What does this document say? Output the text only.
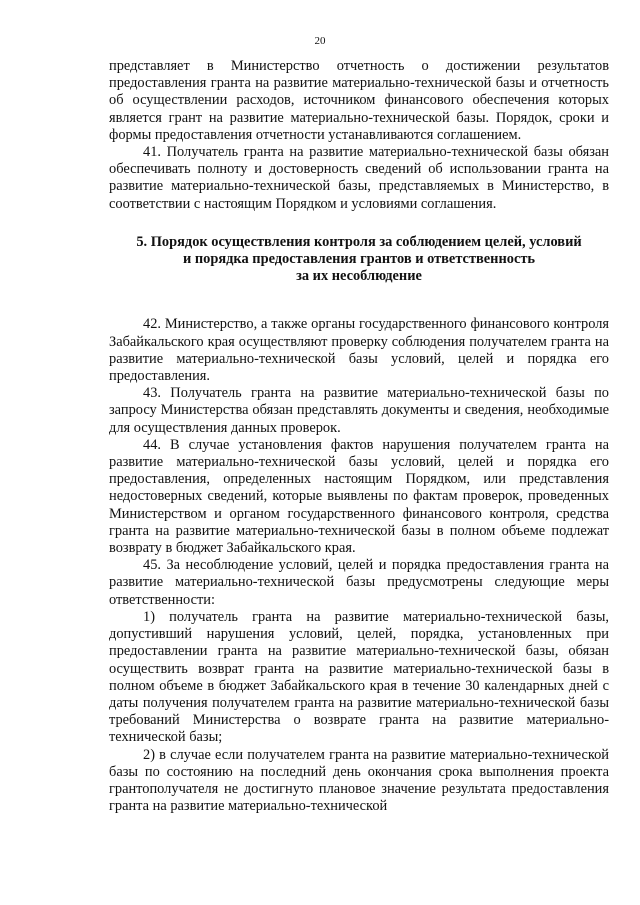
20

представляет в Министерство отчетность о достижении результатов предоставления гранта на развитие материально-технической базы и отчетность об осуществлении расходов, источником финансового обеспечения которых является грант на развитие материально-технической базы. Порядок, сроки и формы предоставления отчетности устанавливаются соглашением.

41. Получатель гранта на развитие материально-технической базы обязан обеспечивать полноту и достоверность сведений об использовании гранта на развитие материально-технической базы, представляемых в Министерство, в соответствии с настоящим Порядком и условиями соглашения.

5. Порядок осуществления контроля за соблюдением целей, условий
и порядка предоставления грантов и ответственность
за их несоблюдение

42. Министерство, а также органы государственного финансового контроля Забайкальского края осуществляют проверку соблюдения получателем гранта на развитие материально-технической базы условий, целей и порядка его предоставления.

43. Получатель гранта на развитие материально-технической базы по запросу Министерства обязан представлять документы и сведения, необходимые для осуществления данных проверок.

44. В случае установления фактов нарушения получателем гранта на развитие материально-технической базы условий, целей и порядка его предоставления, определенных настоящим Порядком, или представления недостоверных сведений, которые выявлены по фактам проверок, проведенных Министерством и органом государственного финансового контроля, средства гранта на развитие материально-технической базы в полном объеме подлежат возврату в бюджет Забайкальского края.

45. За несоблюдение условий, целей и порядка предоставления гранта на развитие материально-технической базы предусмотрены следующие меры ответственности:

1) получатель гранта на развитие материально-технической базы, допустивший нарушения условий, целей, порядка, установленных при предоставлении гранта на развитие материально-технической базы, обязан осуществить возврат гранта на развитие материально-технической базы в полном объеме в бюджет Забайкальского края в течение 30 календарных дней с даты получения получателем гранта на развитие материально-технической базы требований Министерства о возврате гранта на развитие материально-технической базы;

2) в случае если получателем гранта на развитие материально-технической базы по состоянию на последний день окончания срока выполнения проекта грантополучателя не достигнуто плановое значение результата предоставления гранта на развитие материально-технической
